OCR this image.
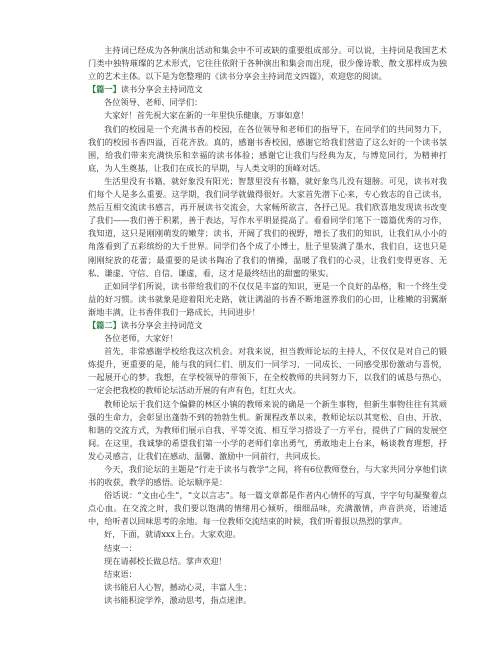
主持词已经成为各种演出活动和集会中不可或缺的重要组成部分。可以说，主持词是我国艺术门类中独特璀璨的艺术形式，它往往依附于各种演出和集会而出现，很少像诗歌、散文那样成为独立的艺术主体。以下是为您整理的《读书分享会主持词范文四篇》，欢迎您的阅读。

【篇一】读书分享会主持词范文

各位领导、老师、同学们：

大家好！首先祝大家在新的一年里快乐健康，万事如意！

我们的校园是一个充满书香的校园，在各位领导和老师们的指导下，在同学们的共同努力下，我们的校园书香四溢，百花齐放。真的，感谢书香校园，感谢它给我们营造了这么好的一个读书氛围，给我们带来充满快乐和幸福的读书体验；感谢它让我们与经典为友，与博览同行，为精神打底，为人生奠基，让我们在成长的早期，与人类文明的顶峰对话。

生活里没有书籍，就好象没有阳光；智慧里没有书籍，就好象鸟儿没有翅膀。可见，读书对我们每个人是多么重要。这学期，我们同学就做得很好。大家首先潜下心来，专心致志的自己读书，然后互相交流读书感言，再开展读书交流会，大家畅所欲言，各抒己见。我们欣喜地发现读书改变了我们——我们善于积累，善于表达，写作水平明显提高了。看看同学们笔下一篇篇优秀的习作，我知道，这只是刚刚萌发的嫩芽；读书，开阔了我们的视野，增长了我们的知识，让我们从小小的角落看到了五彩缤纷的大千世界。同学们各个成了小博士，肚子里装满了墨水，我们自，这也只是刚刚绽放的花蕾；最重要的是读书陶冶了我们的情操，温暖了我们的心灵，让我们变得更容、无私、谦虚、守信、自信、谦虚，看，这才是最终结出的甜蜜的果实。

正如同学们所说，读书带给我们的不仅仅是丰富的知识，更是一个良好的品格，和一个终生受益的好习惯。读书就象是迎着阳光走路，就让满溢的书香不断地滋养我们的心田，让稚嫩的羽翼渐渐地丰满，让书香伴我们一路成长，共同进步！

【篇二】读书分享会主持词范文

各位老师，大家好！

首先，非常感谢学校给我这次机会。对我来说，担当教师论坛的主持人，不仅仅是对自己的锻炼提升，更重要的是，能与我的同仁们、朋友们一同学习、一同成长、一同感受那份激动与喜悦，一起展开心的梦。我想，在学校领导的带领下，在全校教师的共同努力下，以我们的诚恳与热心，一定会把我校的教师论坛活动开展的有声有色，红红火火。

教师论坛于我们这个偏僻的林区小镇的教师来说的确是一个新生事物，但新生事物往往有其顽强的生命力，会彰显出蓬勃不到的勃勃生机。新课程改革以来，教师论坛以其宽松、自由、开放、和谐的交流方式，为教师们展示自我、平等交流、相互学习搭设了一方平台，提供了广阔的发展空间。在这里，我诚挚的希望我们第一小学的老师们拿出勇气，勇敢地走上台来，畅谈教育理想，抒发心灵感言，让我们在感动、温馨、激励中一同前行，共同成长。

今天，我们论坛的主题是“行走于读书与教学”之间，将有6位教师登台，与大家共同分享他们读书的收获，教学的感悟。论坛顺序是：

俗话说：“文由心生”，“文以言志”。每一篇文章都是作者内心情怀的写真，字字句句凝聚着点点心血。在交流之时，我们要以饱满的情绪用心倾听，细细品味，充满激情，声音洪亮，语速适中，给听者以回味思考的余地。每一位教师交流结束的时候，我们听着报以热烈的掌声。

好，下面，就请xxx上台。大家欢迎。

结束一：

现在请郝校长做总结。掌声欢迎！

结束语：

读书能启人心智，撼动心灵，丰富人生；

读书能积淀学养，激动思考，指点迷津。
